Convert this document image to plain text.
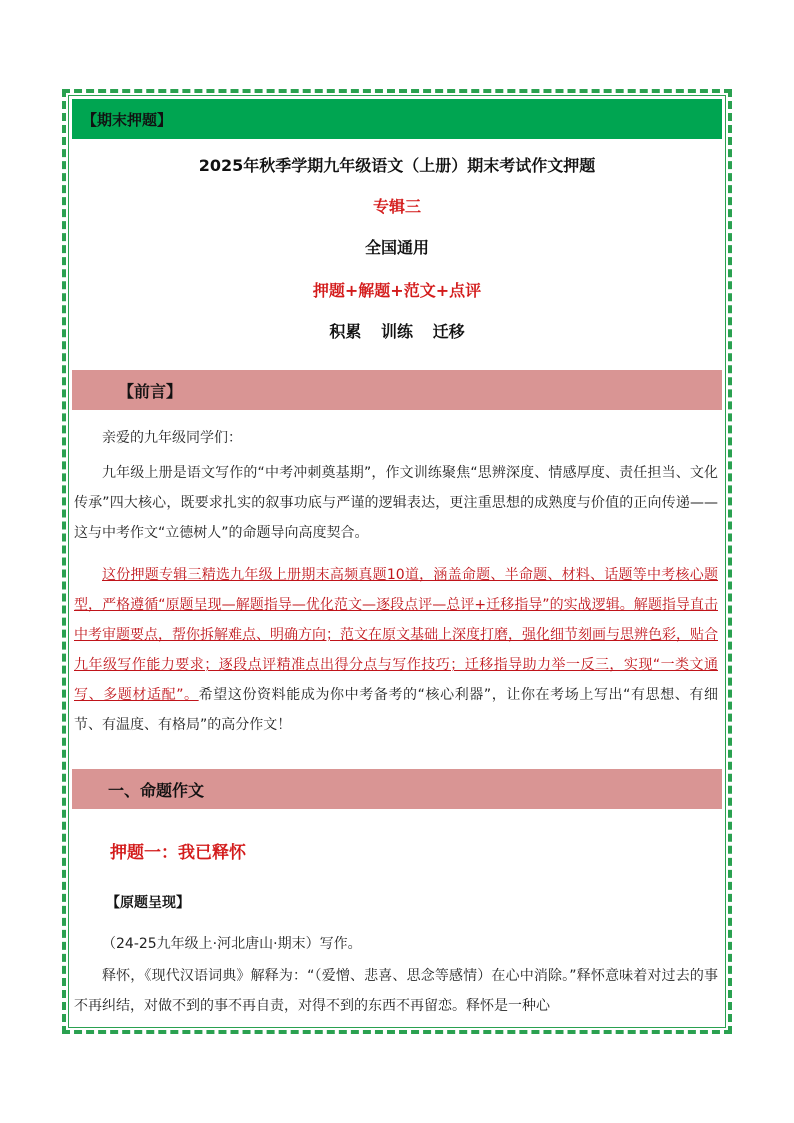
【期末押题】
2025年秋季学期九年级语文（上册）期末考试作文押题
专辑三
全国通用
押题+解题+范文+点评
积累 训练 迁移
【前言】
亲爱的九年级同学们：
九年级上册是语文写作的“中考冲刺奠基期”，作文训练聚焦“思辨深度、情感厚度、责任担当、文化传承”四大核心，既要求扎实的叙事功底与严谨的逻辑表达，更注重思想的成熟度与价值的正向传递——这与中考作文“立德树人”的命题导向高度契合。
这份押题专辑三精选九年级上册期末高频真题10道，涵盖命题、半命题、材料、话题等中考核心题型，严格遵循“原题呈现—解题指导—优化范文—逐段点评—总评+迁移指导”的实战逻辑。解题指导直击中考审题要点，帮你拆解难点、明确方向；范文在原文基础上深度打磨，强化细节刻画与思辨色彩，贴合九年级写作能力要求；逐段点评精准点出得分点与写作技巧；迁移指导助力举一反三，实现“一类文通写、多题材适配”。希望这份资料能成为你中考备考的“核心利器”，让你在考场上写出“有思想、有细节、有温度、有格局”的高分作文！
一、命题作文
押题一：我已释怀
【原题呈现】
（24-25九年级上·河北唐山·期末）写作。
释怀，《现代汉语词典》解释为：“（爱憎、悲喜、思念等感情）在心中消除。”释怀意味着对过去的事不再纠结，对做不到的事不再自责，对得不到的东西不再留恋。释怀是一种心
